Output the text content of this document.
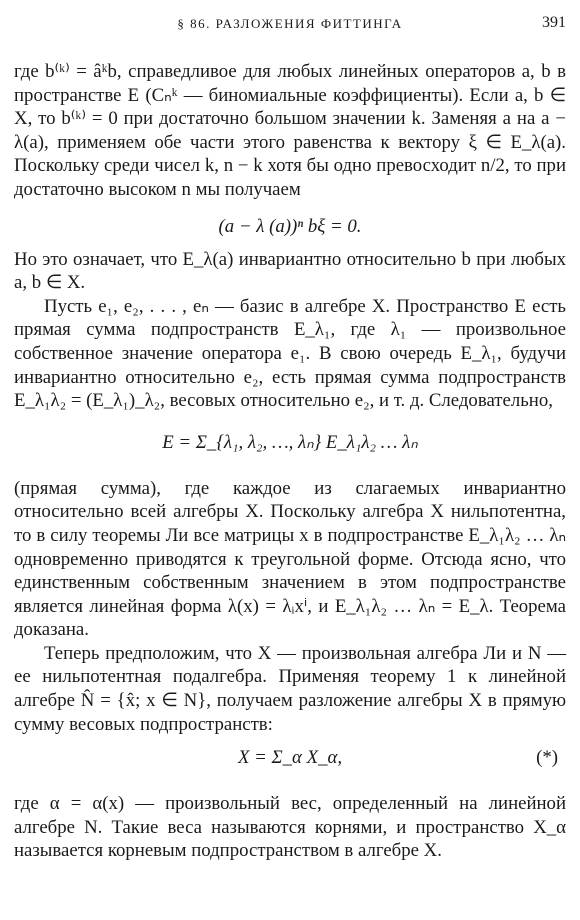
§ 86. РАЗЛОЖЕНИЯ ФИТТИНГА	391

где b⁽ᵏ⁾ = âᵏb, справедливое для любых линейных операторов a, b в пространстве E (Cₙᵏ — биномиальные коэффициенты). Если a, b ∈ X, то b⁽ᵏ⁾ = 0 при достаточно большом значении k. Заменяя a на a − λ(a), применяем обе части этого равенства к вектору ξ ∈ E_λ(a). Поскольку среди чисел k, n − k хотя бы одно превосходит n/2, то при достаточно высоком n мы получаем

(a − λ (a))ⁿ bξ = 0.

Но это означает, что E_λ(a) инвариантно относительно b при любых a, b ∈ X.

Пусть e₁, e₂, . . . , eₙ — базис в алгебре X. Пространство E есть прямая сумма подпространств E_λ₁, где λ₁ — произвольное собственное значение оператора e₁. В свою очередь E_λ₁, будучи инвариантно относительно e₂, есть прямая сумма подпространств E_λ₁λ₂ = (E_λ₁)_λ₂, весовых относительно e₂, и т. д. Следовательно,

E = Σ_{λ₁, λ₂, …, λₙ} E_λ₁λ₂ … λₙ

(прямая сумма), где каждое из слагаемых инвариантно относительно всей алгебры X. Поскольку алгебра X нильпотентна, то в силу теоремы Ли все матрицы x в подпространстве E_λ₁λ₂ … λₙ одновременно приводятся к треугольной форме. Отсюда ясно, что единственным собственным значением в этом подпространстве является линейная форма λ(x) = λᵢxⁱ, и E_λ₁λ₂ … λₙ = E_λ. Теорема доказана.

Теперь предположим, что X — произвольная алгебра Ли и N — ее нильпотентная подалгебра. Применяя теорему 1 к линейной алгебре N̂ = {x̂; x ∈ N}, получаем разложение алгебры X в прямую сумму весовых подпространств:

X = Σ_α X_α,	(*)

где α = α(x) — произвольный вес, определенный на линейной алгебре N. Такие веса называются корнями, и пространство X_α называется корневым подпространством в алгебре X.
